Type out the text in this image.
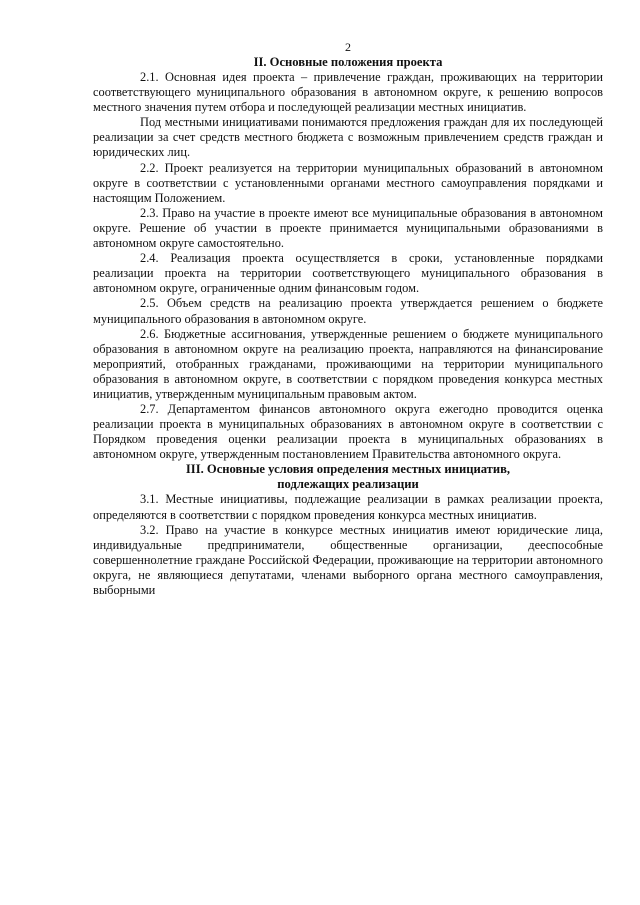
2
II. Основные положения проекта

2.1. Основная идея проекта – привлечение граждан, проживающих на территории соответствующего муниципального образования в автономном округе, к решению вопросов местного значения путем отбора и последующей реализации местных инициатив.

Под местными инициативами понимаются предложения граждан для их последующей реализации за счет средств местного бюджета с возможным привлечением средств граждан и юридических лиц.

2.2. Проект реализуется на территории муниципальных образований в автономном округе в соответствии с установленными органами местного самоуправления порядками и настоящим Положением.

2.3. Право на участие в проекте имеют все муниципальные образования в автономном округе. Решение об участии в проекте принимается муниципальными образованиями в автономном округе самостоятельно.

2.4. Реализация проекта осуществляется в сроки, установленные порядками реализации проекта на территории соответствующего муниципального образования в автономном округе, ограниченные одним финансовым годом.

2.5. Объем средств на реализацию проекта утверждается решением о бюджете муниципального образования в автономном округе.

2.6. Бюджетные ассигнования, утвержденные решением о бюджете муниципального образования в автономном округе на реализацию проекта, направляются на финансирование мероприятий, отобранных гражданами, проживающими на территории муниципального образования в автономном округе, в соответствии с порядком проведения конкурса местных инициатив, утвержденным муниципальным правовым актом.

2.7. Департаментом финансов автономного округа ежегодно проводится оценка реализации проекта в муниципальных образованиях в автономном округе в соответствии с Порядком проведения оценки реализации проекта в муниципальных образованиях в автономном округе, утвержденным постановлением Правительства автономного округа.

III. Основные условия определения местных инициатив,
подлежащих реализации

3.1. Местные инициативы, подлежащие реализации в рамках реализации проекта, определяются в соответствии с порядком проведения конкурса местных инициатив.

3.2. Право на участие в конкурсе местных инициатив имеют юридические лица, индивидуальные предприниматели, общественные организации, дееспособные совершеннолетние граждане Российской Федерации, проживающие на территории автономного округа, не являющиеся депутатами, членами выборного органа местного самоуправления, выборными
